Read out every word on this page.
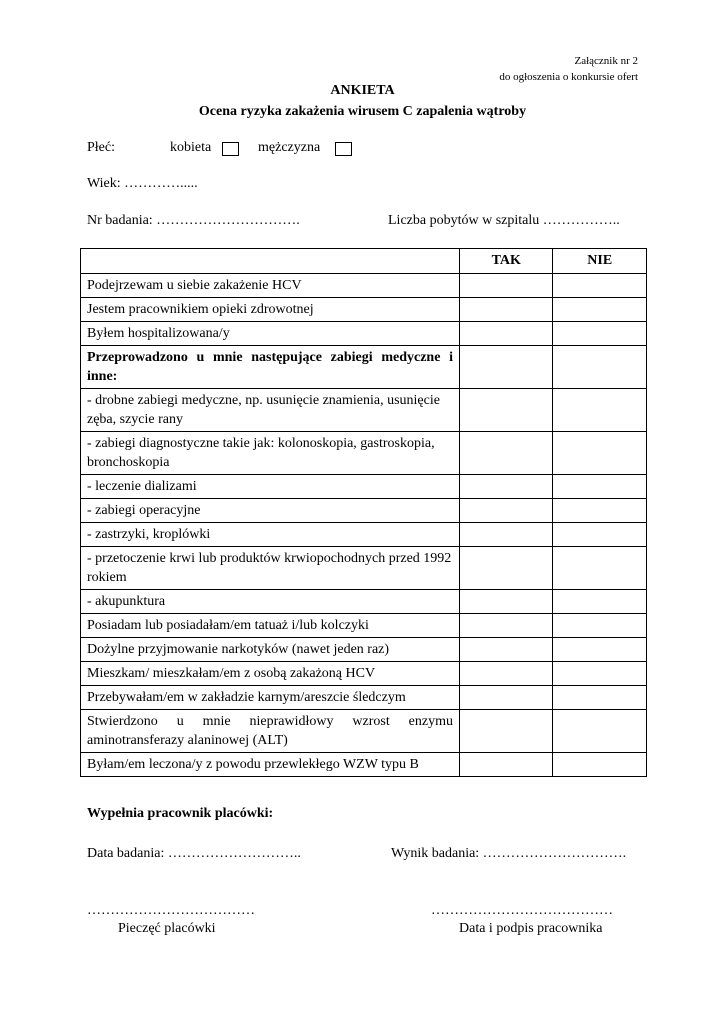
Załącznik nr 2
do ogłoszenia o konkursie ofert
ANKIETA
Ocena ryzyka zakażenia wirusem C zapalenia wątroby
Płeć:	kobieta	mężczyzna
Wiek: ………….....
Nr badania: ………………………….	Liczba pobytów w szpitalu ……………..
	TAK	NIE
Podejrzewam u siebie zakażenie HCV		
Jestem pracownikiem opieki zdrowotnej		
Byłem hospitalizowana/y		
Przeprowadzono u mnie następujące zabiegi medyczne i inne:		
- drobne zabiegi medyczne, np. usunięcie znamienia, usunięcie zęba, szycie rany		
- zabiegi diagnostyczne takie jak: kolonoskopia, gastroskopia, bronchoskopia		
- leczenie dializami		
- zabiegi operacyjne		
- zastrzyki, kroplówki		
- przetoczenie krwi lub produktów krwiopochodnych przed 1992 rokiem		
- akupunktura		
Posiadam lub posiadałam/em tatuaż i/lub kolczyki		
Dożylne przyjmowanie narkotyków (nawet jeden raz)		
Mieszkam/ mieszkałam/em z osobą zakażoną HCV		
Przebywałam/em w zakładzie karnym/areszcie śledczym		
Stwierdzono u mnie nieprawidłowy wzrost enzymu aminotransferazy alaninowej (ALT)		
Byłam/em leczona/y z powodu przewlekłego WZW typu B		
Wypełnia pracownik placówki:
Data badania: ………………………..	Wynik badania: ………………………….
………………………………	…………………………………
Pieczęć placówki	Data i podpis pracownika
